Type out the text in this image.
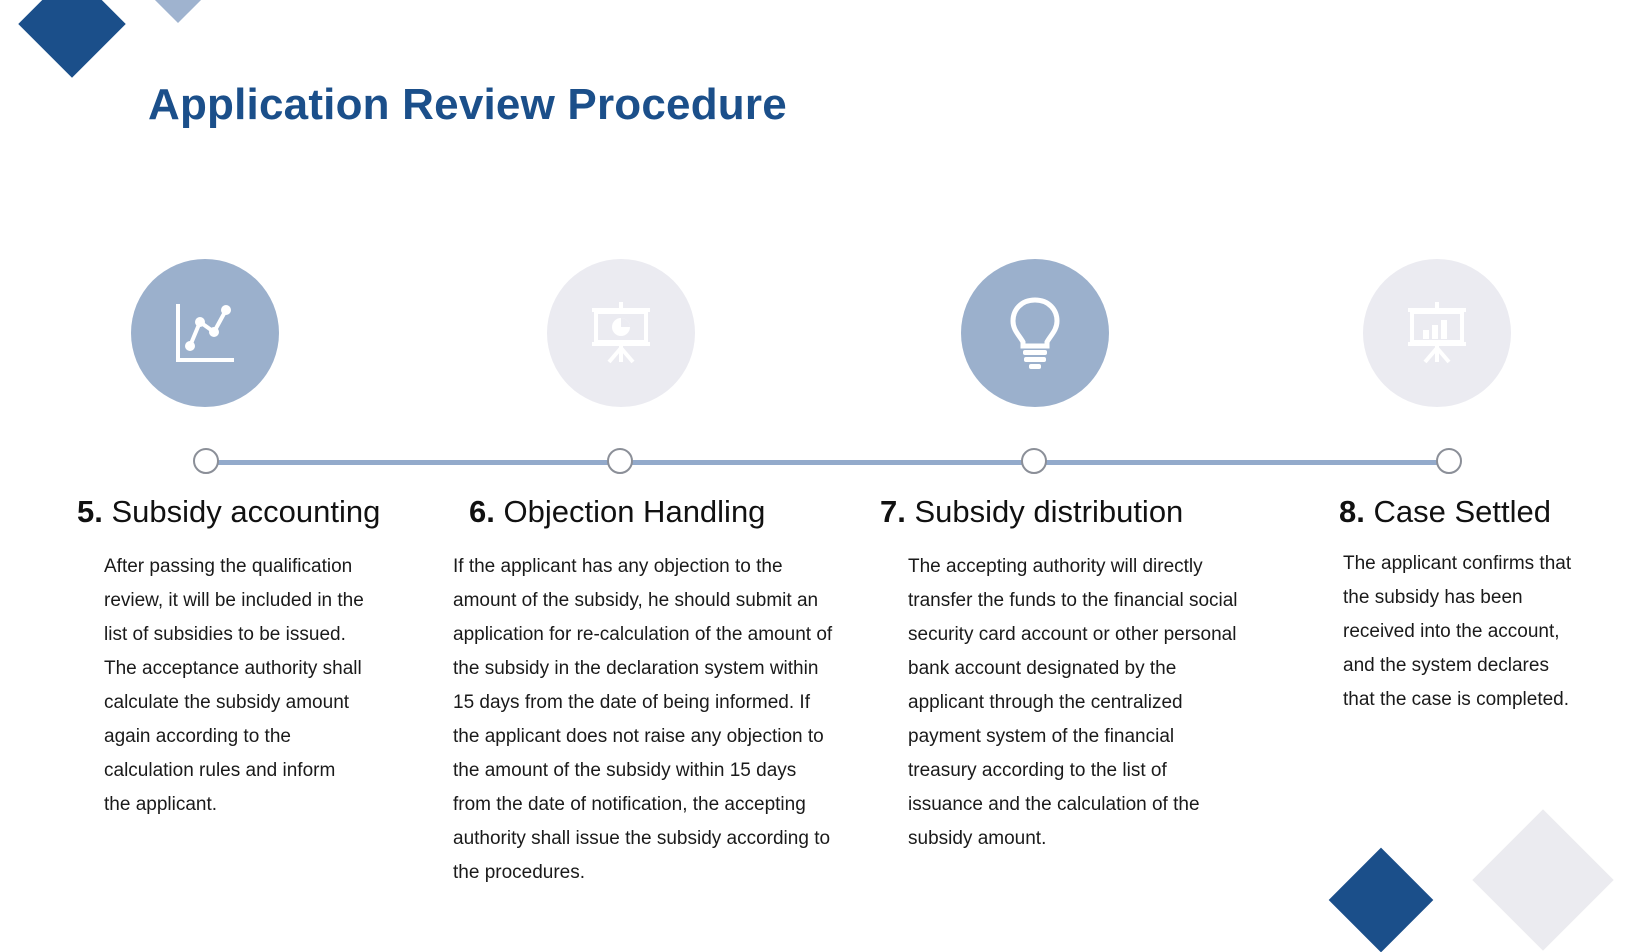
Application Review Procedure
5. Subsidy accounting

After passing the qualification review, it will be included in the list of subsidies to be issued. The acceptance authority shall calculate the subsidy amount again according to the calculation rules and inform the applicant.

6. Objection Handling

If the applicant has any objection to the amount of the subsidy, he should submit an application for re-calculation of the amount of the subsidy in the declaration system within 15 days from the date of being informed. If the applicant does not raise any objection to the amount of the subsidy within 15 days from the date of notification, the accepting authority shall issue the subsidy according to the procedures.

7. Subsidy distribution

The accepting authority will directly transfer the funds to the financial social security card account or other personal bank account designated by the applicant through the centralized payment system of the financial treasury according to the list of issuance and the calculation of the subsidy amount.

8. Case Settled

The applicant confirms that the subsidy has been received into the account, and the system declares that the case is completed.
